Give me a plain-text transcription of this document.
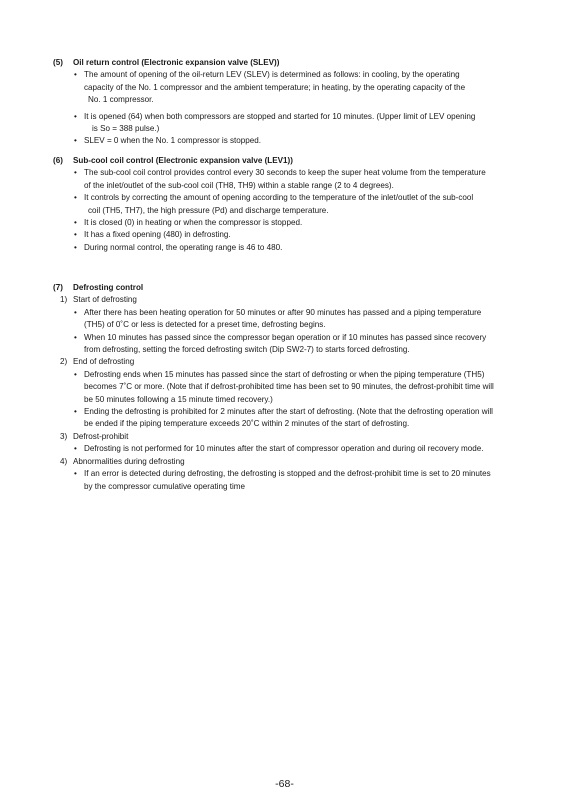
(5) Oil return control (Electronic expansion valve (SLEV))
• The amount of opening of the oil-return LEV (SLEV) is determined as follows: in cooling, by the operating

capacity of the No. 1 compressor and the ambient temperature; in heating, by the operating capacity of the

No. 1 compressor.

• It is opened (64) when both compressors are stopped and started for 10 minutes. (Upper limit of LEV opening

is So = 388 pulse.)

• SLEV = 0 when the No. 1 compressor is stopped.

(6) Sub-cool coil control (Electronic expansion valve (LEV1))
• The sub-cool coil control provides control every 30 seconds to keep the super heat volume from the temperature

of the inlet/outlet of the sub-cool coil (TH8, TH9) within a stable range (2 to 4 degrees).

• It controls by correcting the amount of opening according to the temperature of the inlet/outlet of the sub-cool

coil (TH5, TH7), the high pressure (Pd) and discharge temperature.

• It is closed (0) in heating or when the compressor is stopped.

• It has a fixed opening (480) in defrosting.

• During normal control, the operating range is 46 to 480.

(7) Defrosting control
1) Start of defrosting
• After there has been heating operation for 50 minutes or after 90 minutes has passed and a piping temperature

(TH5) of 0˚C or less is detected for a preset time, defrosting begins.

• When 10 minutes has passed since the compressor began operation or if 10 minutes has passed since recovery

from defrosting, setting the forced defrosting switch (Dip SW2-7) to starts forced defrosting.

2) End of defrosting
• Defrosting ends when 15 minutes has passed since the start of defrosting or when the piping temperature (TH5)

becomes 7˚C or more. (Note that if defrost-prohibited time has been set to 90 minutes, the defrost-prohibit time will

be 50 minutes following a 15 minute timed recovery.)

• Ending the defrosting is prohibited for 2 minutes after the start of defrosting. (Note that the defrosting operation will

be ended if the piping temperature exceeds 20˚C within 2 minutes of the start of defrosting.

3) Defrost-prohibit
• Defrosting is not performed for 10 minutes after the start of compressor operation and during oil recovery mode.

4) Abnormalities during defrosting
• If an error is detected during defrosting, the defrosting is stopped and the defrost-prohibit time is set to 20 minutes

by the compressor cumulative operating time

-68-
